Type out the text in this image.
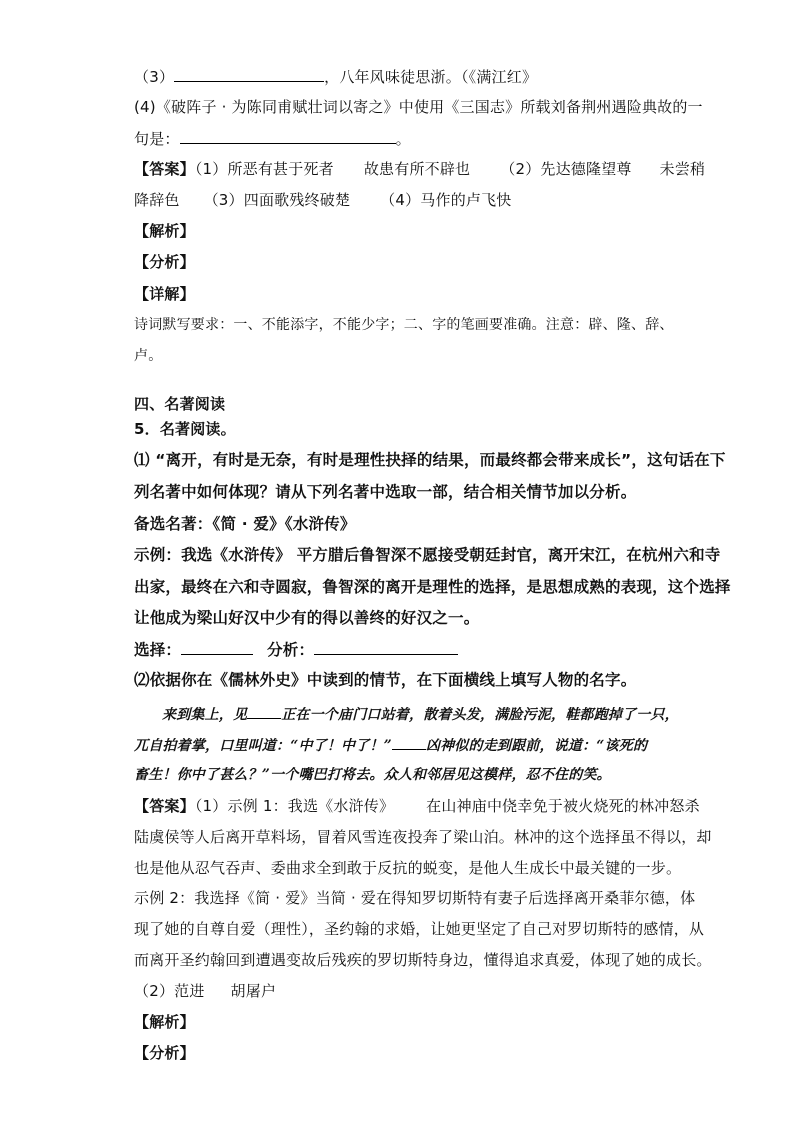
（3）	，八年风味徒思浙。（《满江红》
(4)《破阵子 · 为陈同甫赋壮词以寄之》中使用《三国志》所载刘备荆州遇险典故的一
句是：	。
【答案】（1）所恶有甚于死者 故患有所不辟也 （2）先达德隆望尊 未尝稍
降辞色 （3）四面歌残终破楚 （4）马作的卢飞快
【解析】
【分析】
【详解】
诗词默写要求：一、不能添字，不能少字；二、字的笔画要准确。注意：辟、隆、辞、
卢。
四、名著阅读
5．名著阅读。
⑴ “离开，有时是无奈，有时是理性抉择的结果，而最终都会带来成长”，这句话在下
列名著中如何体现？请从下列名著中选取一部，结合相关情节加以分析。
备选名著：《简 · 爱》《水浒传》
示例：我选《水浒传》 平方腊后鲁智深不愿接受朝廷封官，离开宋江，在杭州六和寺
出家，最终在六和寺圆寂，鲁智深的离开是理性的选择，是思想成熟的表现，这个选择
让他成为梁山好汉中少有的得以善终的好汉之一。
选择：	分析：
⑵依据你在《儒林外史》中读到的情节，在下面横线上填写人物的名字。
来到集上，见 正在一个庙门口站着，散着头发，满脸污泥，鞋都跑掉了一只，
兀自拍着掌，口里叫道：“中了！中了！” 凶神似的走到跟前，说道：“该死的
畜生！你中了甚么？”一个嘴巴打将去。众人和邻居见这模样，忍不住的笑。
【答案】（1）示例 1：我选《水浒传》 在山神庙中侥幸免于被火烧死的林冲怒杀
陆虞侯等人后离开草料场，冒着风雪连夜投奔了梁山泊。林冲的这个选择虽不得以，却
也是他从忍气吞声、委曲求全到敢于反抗的蜕变，是他人生成长中最关键的一步。
示例 2：我选择《简 · 爱》当简 · 爱在得知罗切斯特有妻子后选择离开桑菲尔德，体
现了她的自尊自爱（理性），圣约翰的求婚，让她更坚定了自己对罗切斯特的感情，从
而离开圣约翰回到遭遇变故后残疾的罗切斯特身边，懂得追求真爱，体现了她的成长。
（2）范进 胡屠户
【解析】
【分析】
